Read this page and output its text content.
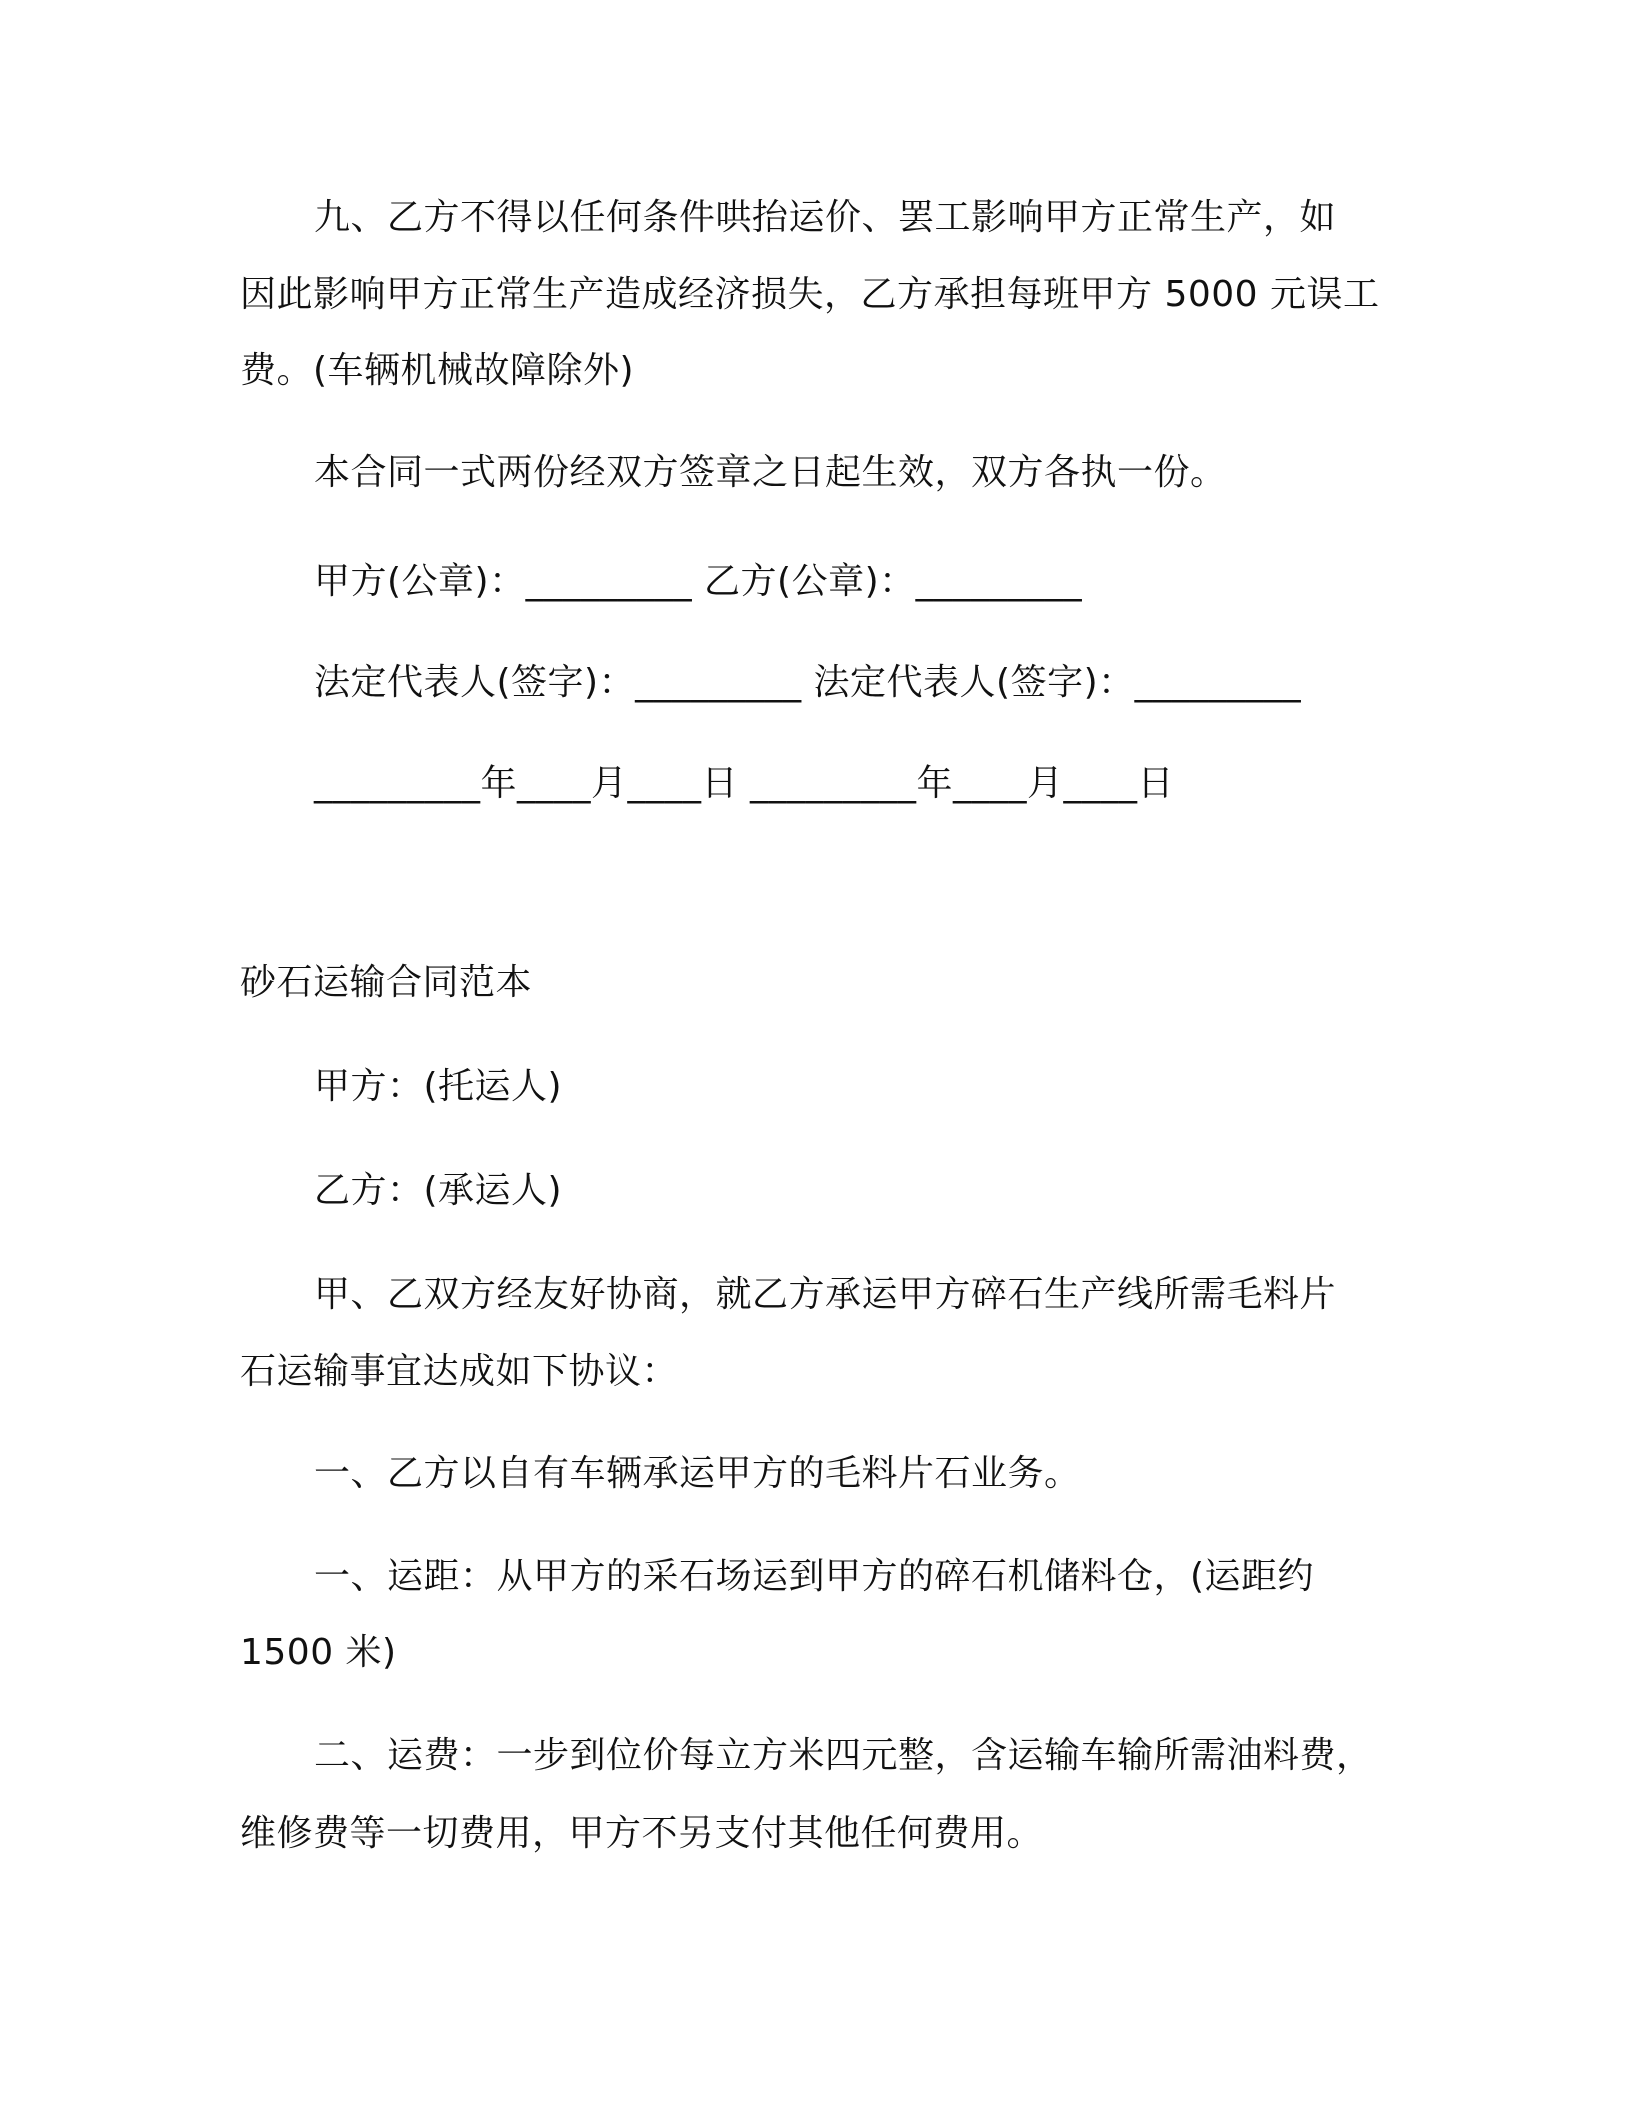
九、乙方不得以任何条件哄抬运价、罢工影响甲方正常生产，如
因此影响甲方正常生产造成经济损失，乙方承担每班甲方 5000 元误工
费。(车辆机械故障除外)
本合同一式两份经双方签章之日起生效，双方各执一份。
甲方(公章)：_________ 乙方(公章)：_________
法定代表人(签字)：_________ 法定代表人(签字)：_________
_________年____月____日 _________年____月____日
砂石运输合同范本
甲方：(托运人)
乙方：(承运人)
甲、乙双方经友好协商，就乙方承运甲方碎石生产线所需毛料片
石运输事宜达成如下协议：
一、乙方以自有车辆承运甲方的毛料片石业务。
一、运距：从甲方的采石场运到甲方的碎石机储料仓，(运距约
1500 米)
二、运费：一步到位价每立方米四元整，含运输车输所需油料费，
维修费等一切费用，甲方不另支付其他任何费用。
